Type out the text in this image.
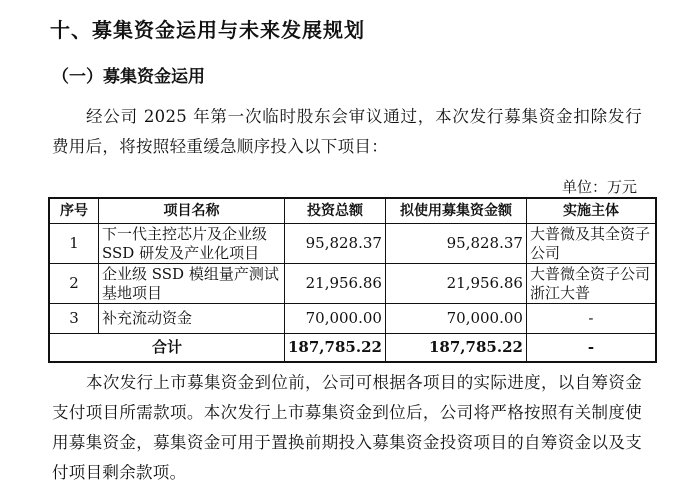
十、募集资金运用与未来发展规划
（一）募集资金运用
经公司 2025 年第一次临时股东会审议通过，本次发行募集资金扣除发行费用后，将按照轻重缓急顺序投入以下项目：
单位：万元
序号	项目名称	投资总额	拟使用募集资金额	实施主体
1	下一代主控芯片及企业级SSD 研发及产业化项目	95,828.37	95,828.37	大普微及其全资子公司
2	企业级 SSD 模组量产测试基地项目	21,956.86	21,956.86	大普微全资子公司浙江大普
3	补充流动资金	70,000.00	70,000.00	-
合计		187,785.22	187,785.22	-
本次发行上市募集资金到位前，公司可根据各项目的实际进度，以自筹资金支付项目所需款项。本次发行上市募集资金到位后，公司将严格按照有关制度使用募集资金，募集资金可用于置换前期投入募集资金投资项目的自筹资金以及支付项目剩余款项。
